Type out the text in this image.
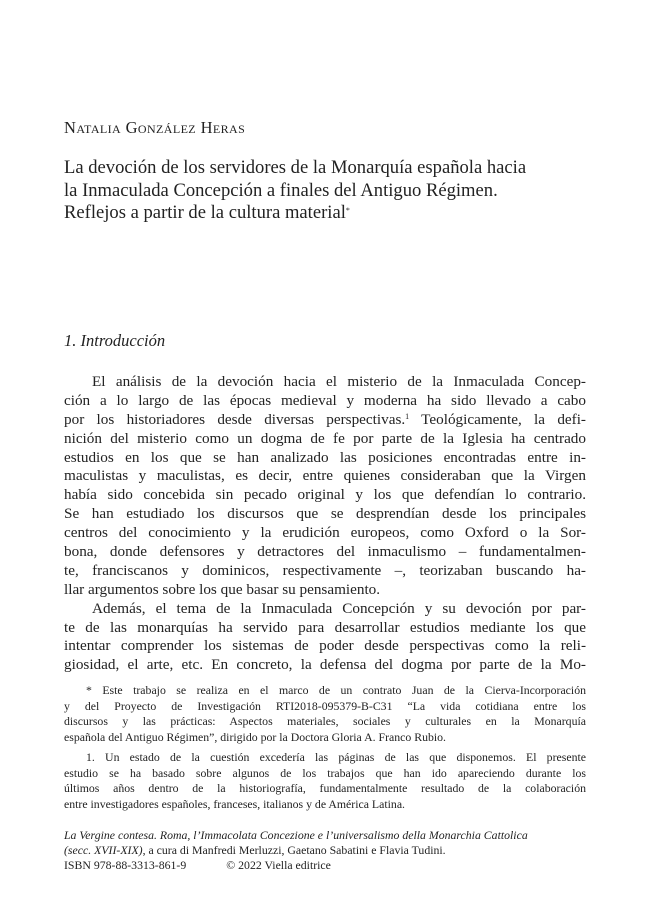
Natalia González Heras
La devoción de los servidores de la Monarquía española hacia
la Inmaculada Concepción a finales del Antiguo Régimen.
Reflejos a partir de la cultura material*
1. Introducción
El análisis de la devoción hacia el misterio de la Inmaculada Concep-
ción a lo largo de las épocas medieval y moderna ha sido llevado a cabo
por los historiadores desde diversas perspectivas.$^1$ Teológicamente, la defi-
nición del misterio como un dogma de fe por parte de la Iglesia ha centrado
estudios en los que se han analizado las posiciones encontradas entre in-
maculistas y maculistas, es decir, entre quienes consideraban que la Virgen
había sido concebida sin pecado original y los que defendían lo contrario.
Se han estudiado los discursos que se desprendían desde los principales
centros del conocimiento y la erudición europeos, como Oxford o la Sor-
bona, donde defensores y detractores del inmaculismo – fundamentalmen-
te, franciscanos y dominicos, respectivamente –, teorizaban buscando ha-
llar argumentos sobre los que basar su pensamiento.
Además, el tema de la Inmaculada Concepción y su devoción por par-
te de las monarquías ha servido para desarrollar estudios mediante los que
intentar comprender los sistemas de poder desde perspectivas como la reli-
giosidad, el arte, etc. En concreto, la defensa del dogma por parte de la Mo-
* Este trabajo se realiza en el marco de un contrato Juan de la Cierva-Incorporación
y del Proyecto de Investigación RTI2018-095379-B-C31 “La vida cotidiana entre los
discursos y las prácticas: Aspectos materiales, sociales y culturales en la Monarquía
española del Antiguo Régimen”, dirigido por la Doctora Gloria A. Franco Rubio.
1. Un estado de la cuestión excedería las páginas de las que disponemos. El presente
estudio se ha basado sobre algunos de los trabajos que han ido apareciendo durante los
últimos años dentro de la historiografía, fundamentalmente resultado de la colaboración
entre investigadores españoles, franceses, italianos y de América Latina.
La Vergine contesa. Roma, l’Immacolata Concezione e l’universalismo della Monarchia Cattolica
(secc. XVII-XIX), a cura di Manfredi Merluzzi, Gaetano Sabatini e Flavia Tudini.
ISBN 978-88-3313-861-9	© 2022 Viella editrice
